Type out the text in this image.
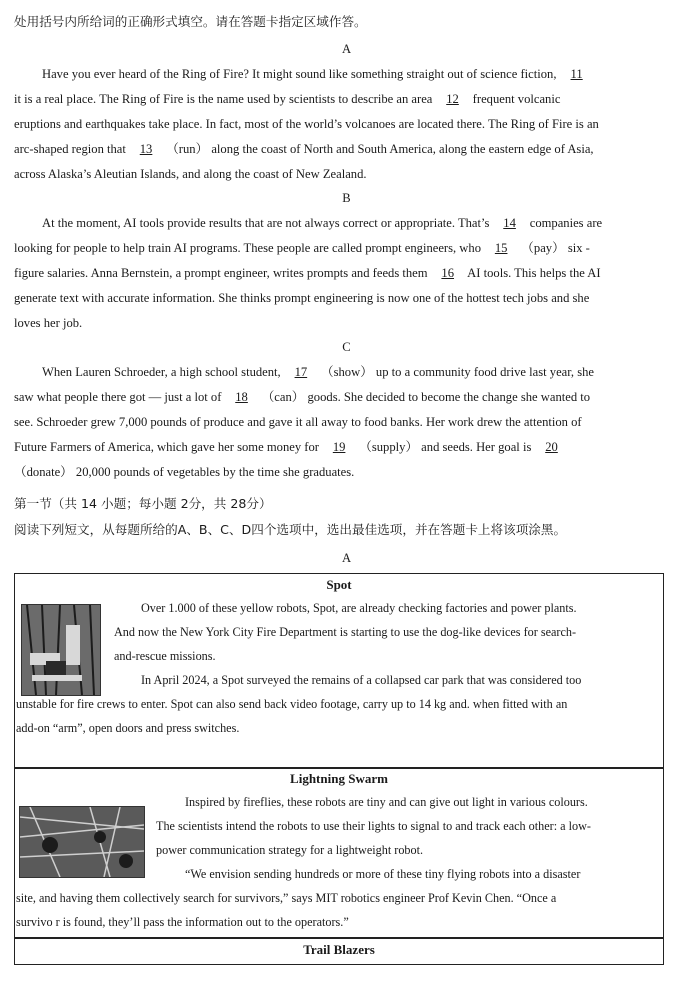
处用括号内所给词的正确形式填空。请在答题卡指定区域作答。
A
Have you ever heard of the Ring of Fire? It might sound like something straight out of science fiction, 11
it is a real place. The Ring of Fire is the name used by scientists to describe an area 12 frequent volcanic
eruptions and earthquakes take place. In fact, most of the world’s volcanoes are located there. The Ring of Fire is an
arc-shaped region that 13 （run） along the coast of North and South America, along the eastern edge of Asia,
across Alaska’s Aleutian Islands, and along the coast of New Zealand.
B
At the moment, AI tools provide results that are not always correct or appropriate. That’s 14 companies are
looking for people to help train AI programs. These people are called prompt engineers, who 15 （pay） six -
figure salaries. Anna Bernstein, a prompt engineer, writes prompts and feeds them 16 AI tools. This helps the AI
generate text with accurate information. She thinks prompt engineering is now one of the hottest tech jobs and she
loves her job.
C
When Lauren Schroeder, a high school student, 17 （show） up to a community food drive last year, she
saw what people there got — just a lot of 18 （can） goods. She decided to become the change she wanted to
see. Schroeder grew 7,000 pounds of produce and gave it all away to food banks. Her work drew the attention of
Future Farmers of America, which gave her some money for 19 （supply） and seeds. Her goal is 20
（donate） 20,000 pounds of vegetables by the time she graduates.
第一节（共 14 小题；每小题 2分，共 28分）
阅读下列短文，从每题所给的A、B、C、D四个选项中，选出最佳选项，并在答题卡上将该项涂黑。
A
Spot
Over 1.000 of these yellow robots, Spot, are already checking factories and power plants.
And now the New York City Fire Department is starting to use the dog-like devices for search-
and-rescue missions.
In April 2024, a Spot surveyed the remains of a collapsed car park that was considered too
unstable for fire crews to enter. Spot can also send back video footage, carry up to 14 kg and. when fitted with an
add-on “arm”, open doors and press switches.
Lightning Swarm
Inspired by fireflies, these robots are tiny and can give out light in various colours.
The scientists intend the robots to use their lights to signal to and track each other: a low-
power communication strategy for a lightweight robot.
“We envision sending hundreds or more of these tiny flying robots into a disaster
site, and having them collectively search for survivors,” says MIT robotics engineer Prof Kevin Chen. “Once a
survivo r is found, they’ll pass the information out to the operators.”
Trail Blazers
